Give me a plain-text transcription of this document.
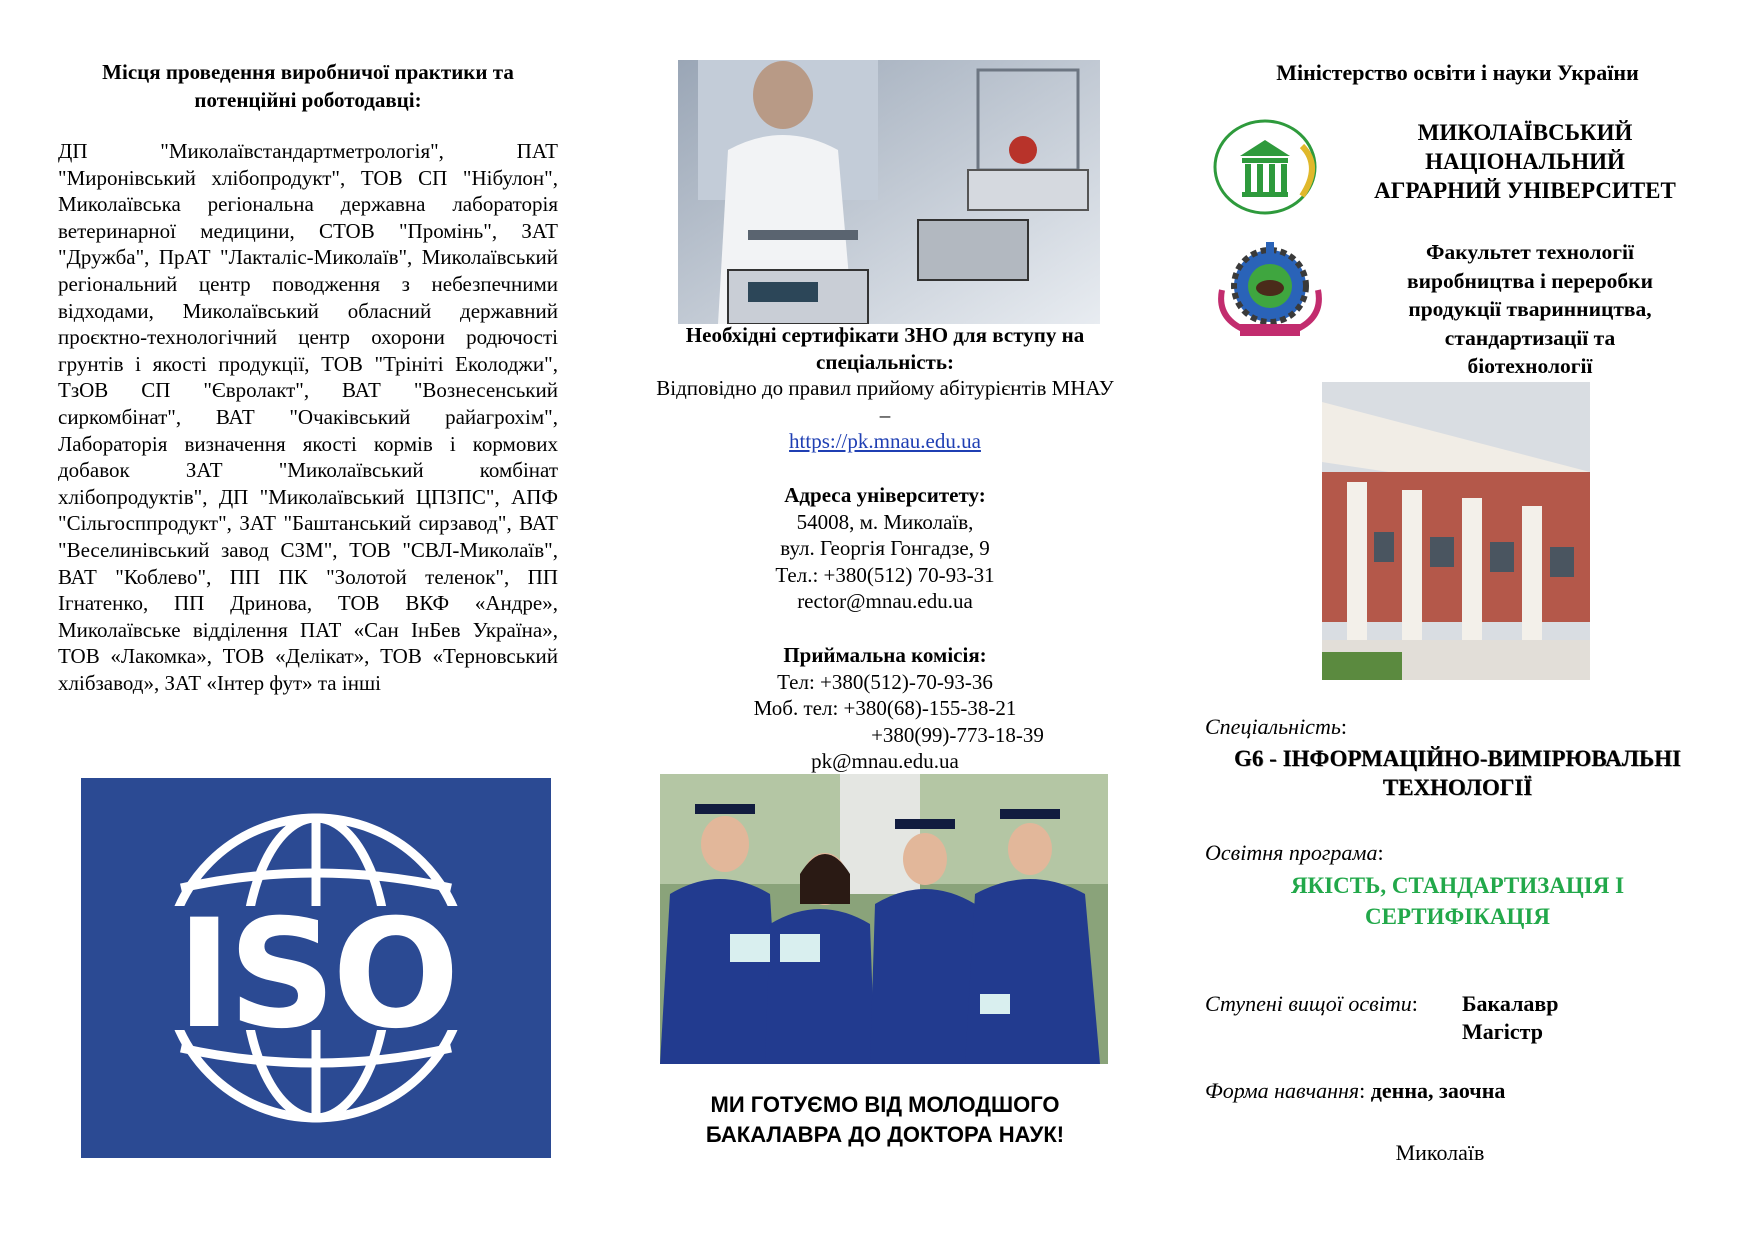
Місця проведення виробничої практики та потенційні роботодавці:
ДП "Миколаївстандартметрологія", ПАТ "Миронівський хлібопродукт", ТОВ СП "Нібулон", Миколаївська регіональна державна лабораторія ветеринарної медицини, СТОВ "Промінь", ЗАТ "Дружба", ПрАТ "Лакталіс-Миколаїв", Миколаївський регіональний центр поводження з небезпечними відходами, Миколаївський обласний державний проєктно-технологічний центр охорони родючості грунтів і якості продукції, ТОВ "Трініті Еколоджи", ТзОВ СП "Євролакт", ВАТ "Вознесенський сиркомбінат", ВАТ "Очаківський райагрохім", Лабораторія визначення якості кормів і кормових добавок ЗАТ "Миколаївський комбінат хлібопродуктів", ДП "Миколаївський ЦПЗПС", АПФ "Сільгосппродукт", ЗАТ "Баштанський сирзавод", ВАТ "Веселинівський завод СЗМ", ТОВ "СВЛ-Миколаїв", ВАТ "Коблево", ПП ПК "Золотой теленок", ПП Ігнатенко, ПП Дринова, ТОВ ВКФ «Андре», Миколаївське відділення ПАТ «Сан ІнБев Україна», ТОВ «Лакомка», ТОВ «Делікат», ТОВ «Терновський хлібзавод», ЗАТ «Інтер фут» та інші
ISO
Необхідні сертифікати ЗНО для вступу на спеціальність:
Відповідно до правил прийому абітурієнтів МНАУ –
https://pk.mnau.edu.ua
Адреса університету:
54008, м. Миколаїв,
вул. Георгія Гонгадзе, 9
Тел.: +380(512) 70-93-31
rector@mnau.edu.ua
Приймальна комісія:
Тел: +380(512)-70-93-36
Моб. тел: +380(68)-155-38-21
+380(99)-773-18-39
pk@mnau.edu.ua
МИ ГОТУЄМО ВІД МОЛОДШОГО
БАКАЛАВРА ДО ДОКТОРА НАУК!
Міністерство освіти і науки України
МИКОЛАЇВСЬКИЙ
НАЦІОНАЛЬНИЙ
АГРАРНИЙ УНІВЕРСИТЕТ
Факультет технології виробництва і переробки продукції тваринництва, стандартизації та біотехнології
Спеціальність:
G6 - ІНФОРМАЦІЙНО-ВИМІРЮВАЛЬНІ ТЕХНОЛОГІЇ
Освітня програма:
ЯКІСТЬ, СТАНДАРТИЗАЦІЯ І СЕРТИФІКАЦІЯ
Ступені вищої освіти: Бакалавр
Магістр
Форма навчання: денна, заочна
Миколаїв
